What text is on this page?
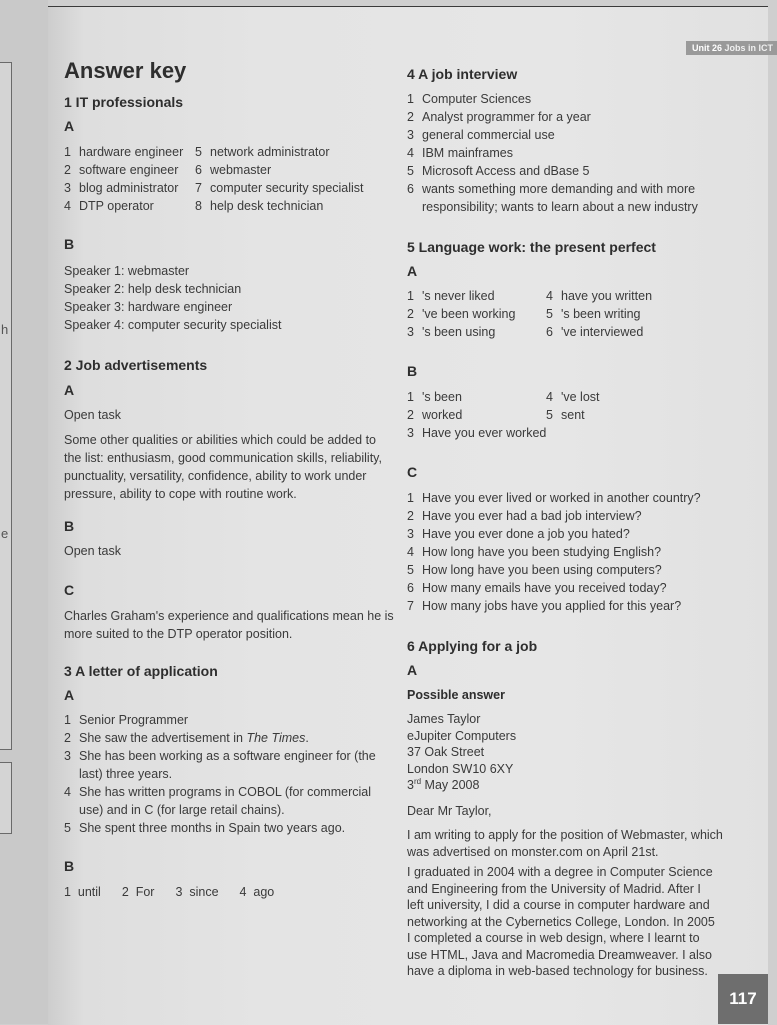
h
e
Unit 26 Jobs in ICT
Answer key
1 IT professionals
A
1 hardware engineer
2 software engineer
3 blog administrator
4 DTP operator
5 network administrator
6 webmaster
7 computer security specialist
8 help desk technician
B
Speaker 1: webmaster
Speaker 2: help desk technician
Speaker 3: hardware engineer
Speaker 4: computer security specialist
2 Job advertisements
A
Open task
Some other qualities or abilities which could be added to the list: enthusiasm, good communication skills, reliability, punctuality, versatility, confidence, ability to work under pressure, ability to cope with routine work.
B
Open task
C
Charles Graham's experience and qualifications mean he is more suited to the DTP operator position.
3 A letter of application
A
1 Senior Programmer
2 She saw the advertisement in The Times.
3 She has been working as a software engineer for (the last) three years.
4 She has written programs in COBOL (for commercial use) and in C (for large retail chains).
5 She spent three months in Spain two years ago.
B
1 until 2 For 3 since 4 ago
4 A job interview
1 Computer Sciences
2 Analyst programmer for a year
3 general commercial use
4 IBM mainframes
5 Microsoft Access and dBase 5
6 wants something more demanding and with more responsibility; wants to learn about a new industry
5 Language work: the present perfect
A
1 's never liked
2 've been working
3 's been using
4 have you written
5 's been writing
6 've interviewed
B
1 's been
2 worked
3 Have you ever worked
4 've lost
5 sent
C
1 Have you ever lived or worked in another country?
2 Have you ever had a bad job interview?
3 Have you ever done a job you hated?
4 How long have you been studying English?
5 How long have you been using computers?
6 How many emails have you received today?
7 How many jobs have you applied for this year?
6 Applying for a job
A
Possible answer
James Taylor
eJupiter Computers
37 Oak Street
London SW10 6XY
3rd May 2008
Dear Mr Taylor,
I am writing to apply for the position of Webmaster, which was advertised on monster.com on April 21st.
I graduated in 2004 with a degree in Computer Science and Engineering from the University of Madrid. After I left university, I did a course in computer hardware and networking at the Cybernetics College, London. In 2005 I completed a course in web design, where I learnt to use HTML, Java and Macromedia Dreamweaver. I also have a diploma in web-based technology for business.
117
